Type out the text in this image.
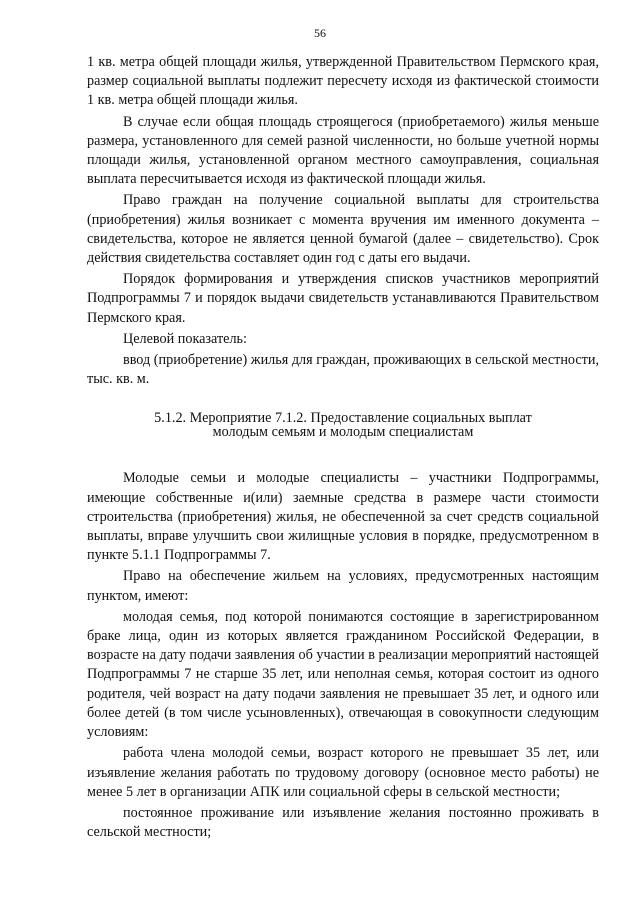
56

1 кв. метра общей площади жилья, утвержденной Правительством Пермского края, размер социальной выплаты подлежит пересчету исходя из фактической стоимости 1 кв. метра общей площади жилья.

В случае если общая площадь строящегося (приобретаемого) жилья меньше размера, установленного для семей разной численности, но больше учетной нормы площади жилья, установленной органом местного самоуправления, социальная выплата пересчитывается исходя из фактической площади жилья.

Право граждан на получение социальной выплаты для строительства (приобретения) жилья возникает с момента вручения им именного документа – свидетельства, которое не является ценной бумагой (далее – свидетельство). Срок действия свидетельства составляет один год с даты его выдачи.

Порядок формирования и утверждения списков участников мероприятий Подпрограммы 7 и порядок выдачи свидетельств устанавливаются Правительством Пермского края.

Целевой показатель:

ввод (приобретение) жилья для граждан, проживающих в сельской местности, тыс. кв. м.

5.1.2. Мероприятие 7.1.2. Предоставление социальных выплат
молодым семьям и молодым специалистам

Молодые семьи и молодые специалисты – участники Подпрограммы, имеющие собственные и(или) заемные средства в размере части стоимости строительства (приобретения) жилья, не обеспеченной за счет средств социальной выплаты, вправе улучшить свои жилищные условия в порядке, предусмотренном в пункте 5.1.1 Подпрограммы 7.

Право на обеспечение жильем на условиях, предусмотренных настоящим пунктом, имеют:

молодая семья, под которой понимаются состоящие в зарегистрированном браке лица, один из которых является гражданином Российской Федерации, в возрасте на дату подачи заявления об участии в реализации мероприятий настоящей Подпрограммы 7 не старше 35 лет, или неполная семья, которая состоит из одного родителя, чей возраст на дату подачи заявления не превышает 35 лет, и одного или более детей (в том числе усыновленных), отвечающая в совокупности следующим условиям:

работа члена молодой семьи, возраст которого не превышает 35 лет, или изъявление желания работать по трудовому договору (основное место работы) не менее 5 лет в организации АПК или социальной сферы в сельской местности;

постоянное проживание или изъявление желания постоянно проживать в сельской местности;
